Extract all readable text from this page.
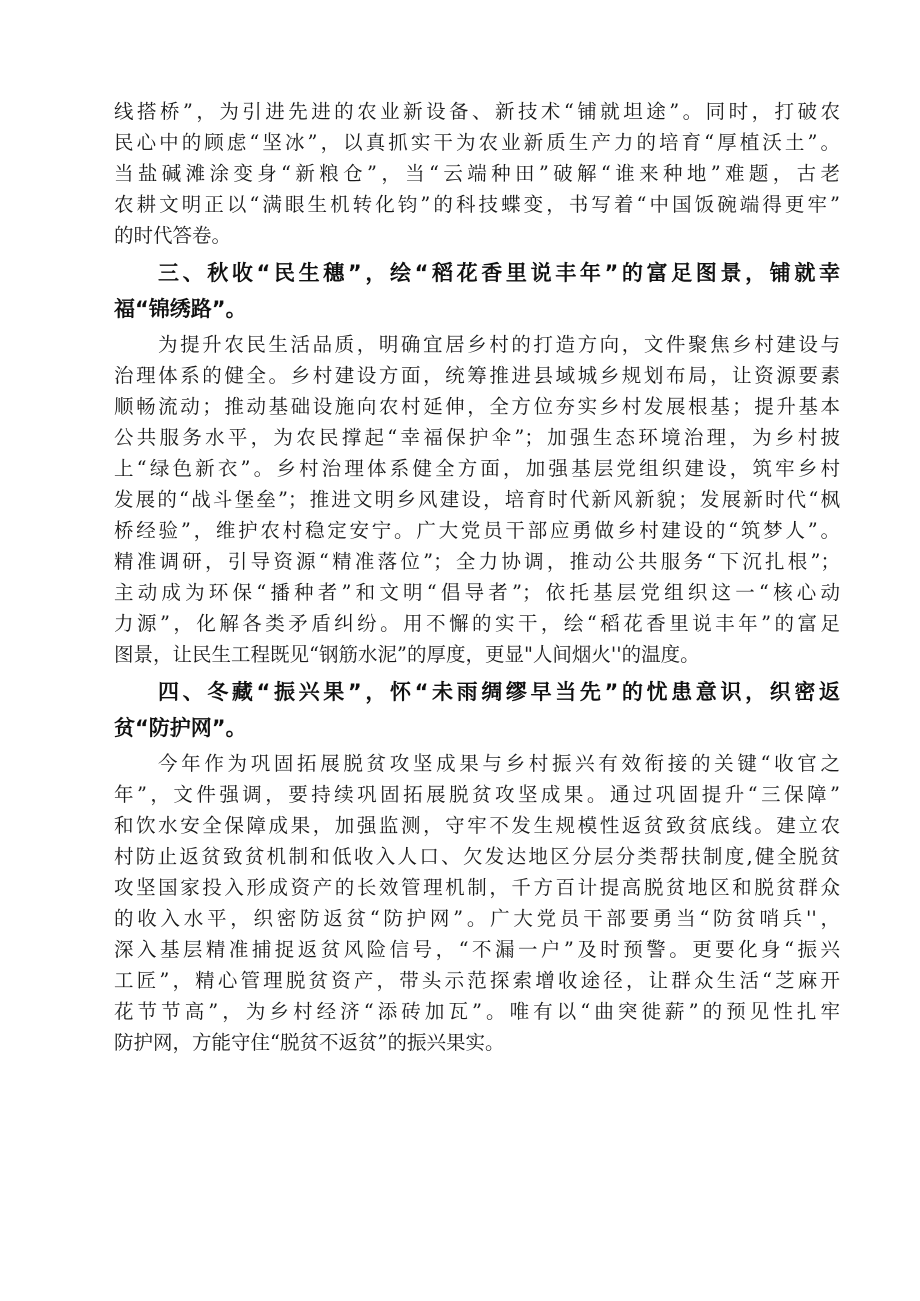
线搭桥”，为引进先进的农业新设备、新技术“铺就坦途”。同时，打破农
民心中的顾虑“坚冰”，以真抓实干为农业新质生产力的培育“厚植沃土”。
当盐碱滩涂变身“新粮仓”，当“云端种田”破解“谁来种地”难题，古老
农耕文明正以“满眼生机转化钧”的科技蝶变，书写着“中国饭碗端得更牢”
的时代答卷。

三、秋收“民生穗”，绘“稻花香里说丰年”的富足图景，铺就幸
福“锦绣路”。

为提升农民生活品质，明确宜居乡村的打造方向，文件聚焦乡村建设与
治理体系的健全。乡村建设方面，统筹推进县域城乡规划布局，让资源要素
顺畅流动；推动基础设施向农村延伸，全方位夯实乡村发展根基；提升基本
公共服务水平，为农民撑起“幸福保护伞”；加强生态环境治理，为乡村披
上“绿色新衣”。乡村治理体系健全方面，加强基层党组织建设，筑牢乡村
发展的“战斗堡垒”；推进文明乡风建设，培育时代新风新貌；发展新时代“枫
桥经验”，维护农村稳定安宁。广大党员干部应勇做乡村建设的“筑梦人”。
精准调研，引导资源“精准落位”；全力协调，推动公共服务“下沉扎根”；
主动成为环保“播种者”和文明“倡导者”；依托基层党组织这一“核心动
力源”，化解各类矛盾纠纷。用不懈的实干，绘“稻花香里说丰年”的富足
图景，让民生工程既见“钢筋水泥”的厚度，更显"人间烟火''的温度。

四、冬藏“振兴果”，怀“未雨绸缪早当先”的忧患意识，织密返
贫“防护网”。

今年作为巩固拓展脱贫攻坚成果与乡村振兴有效衔接的关键“收官之
年”，文件强调，要持续巩固拓展脱贫攻坚成果。通过巩固提升“三保障”
和饮水安全保障成果，加强监测，守牢不发生规模性返贫致贫底线。建立农
村防止返贫致贫机制和低收入人口、欠发达地区分层分类帮扶制度,健全脱贫
攻坚国家投入形成资产的长效管理机制，千方百计提高脱贫地区和脱贫群众
的收入水平，织密防返贫“防护网”。广大党员干部要勇当“防贫哨兵''，
深入基层精准捕捉返贫风险信号，“不漏一户”及时预警。更要化身“振兴
工匠”，精心管理脱贫资产，带头示范探索增收途径，让群众生活“芝麻开
花节节高”，为乡村经济“添砖加瓦”。唯有以“曲突徙薪”的预见性扎牢
防护网，方能守住“脱贫不返贫”的振兴果实。
